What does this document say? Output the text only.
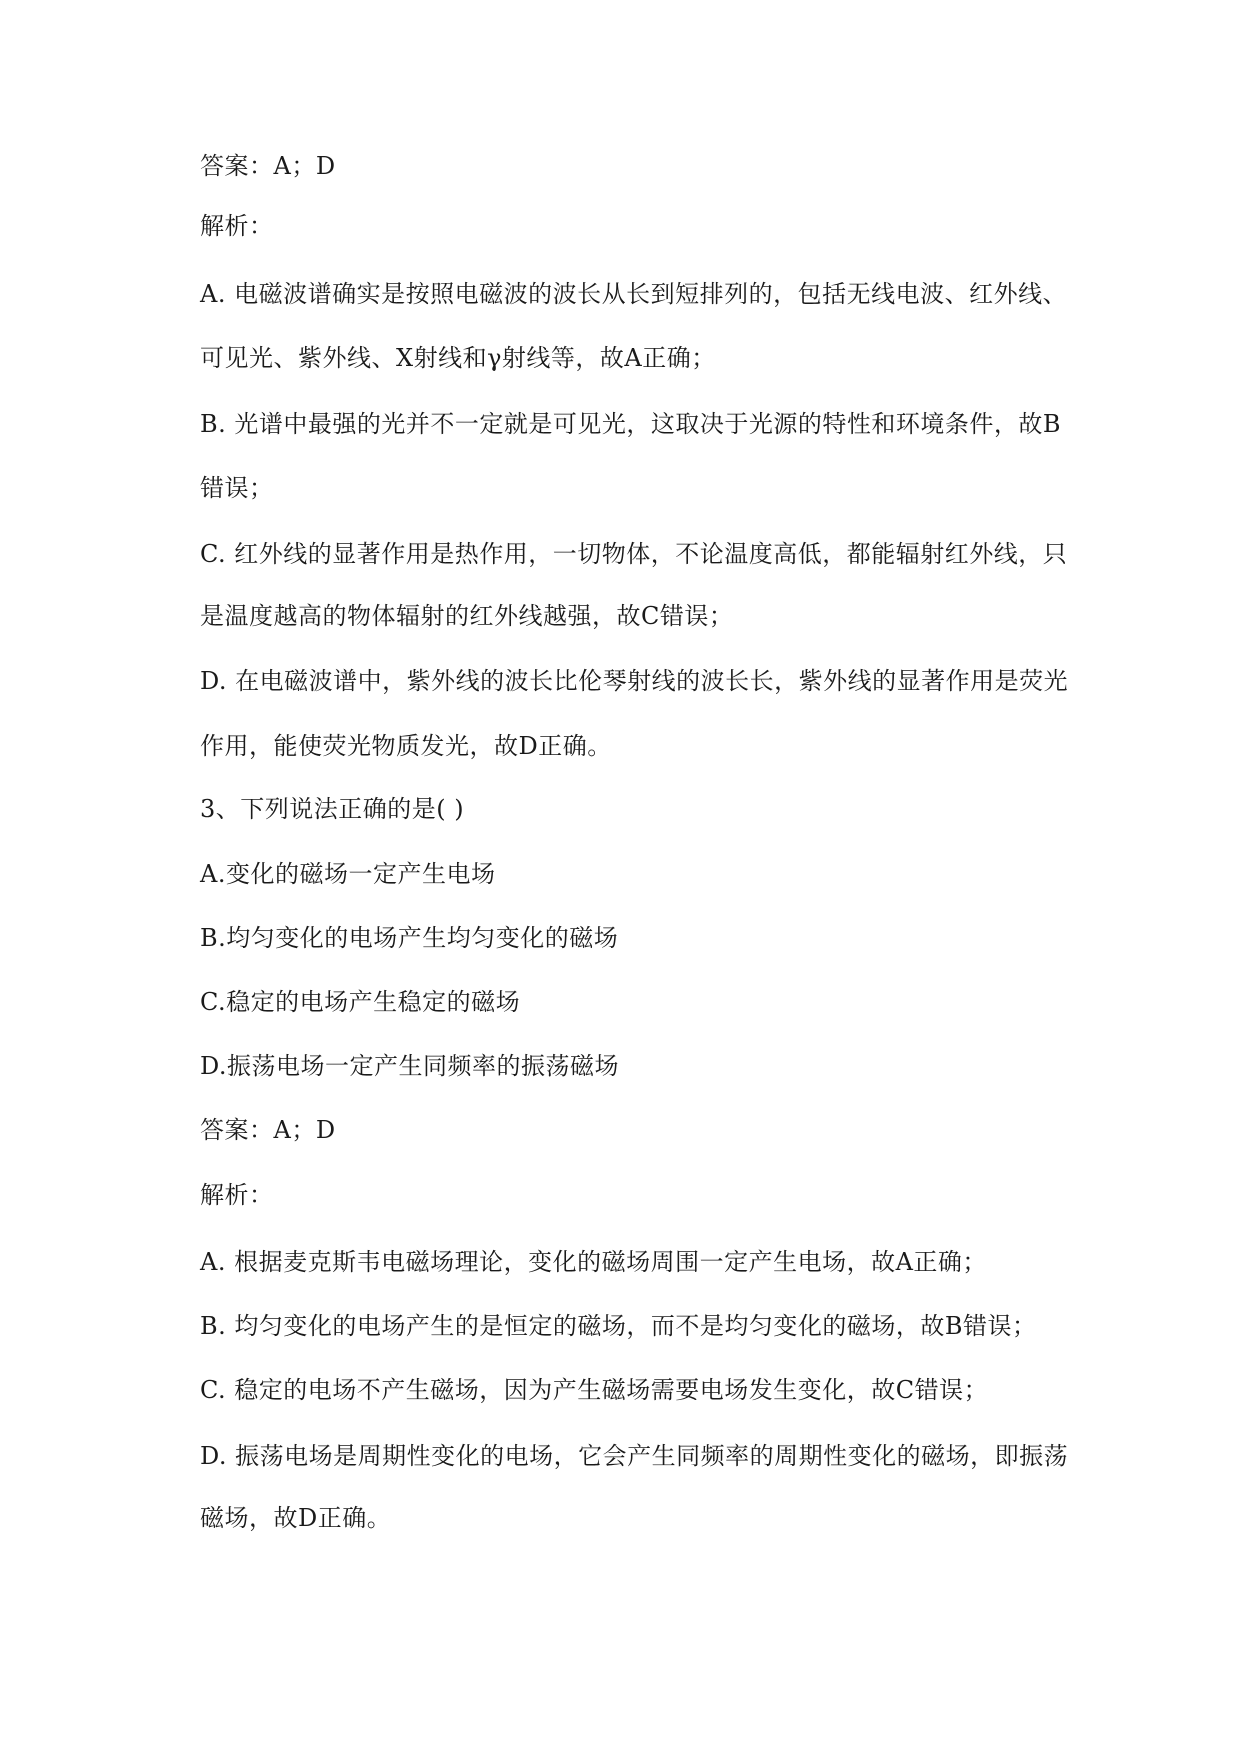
答案：A；D
解析：
A. 电磁波谱确实是按照电磁波的波长从长到短排列的，包括无线电波、红外线、
可见光、紫外线、X射线和γ射线等，故A正确；
B. 光谱中最强的光并不一定就是可见光，这取决于光源的特性和环境条件，故B
错误；
C. 红外线的显著作用是热作用，一切物体，不论温度高低，都能辐射红外线，只
是温度越高的物体辐射的红外线越强，故C错误；
D. 在电磁波谱中，紫外线的波长比伦琴射线的波长长，紫外线的显著作用是荧光
作用，能使荧光物质发光，故D正确。
3、下列说法正确的是( )
A.变化的磁场一定产生电场
B.均匀变化的电场产生均匀变化的磁场
C.稳定的电场产生稳定的磁场
D.振荡电场一定产生同频率的振荡磁场
答案：A；D
解析：
A. 根据麦克斯韦电磁场理论，变化的磁场周围一定产生电场，故A正确；
B. 均匀变化的电场产生的是恒定的磁场，而不是均匀变化的磁场，故B错误；
C. 稳定的电场不产生磁场，因为产生磁场需要电场发生变化，故C错误；
D. 振荡电场是周期性变化的电场，它会产生同频率的周期性变化的磁场，即振荡
磁场，故D正确。
